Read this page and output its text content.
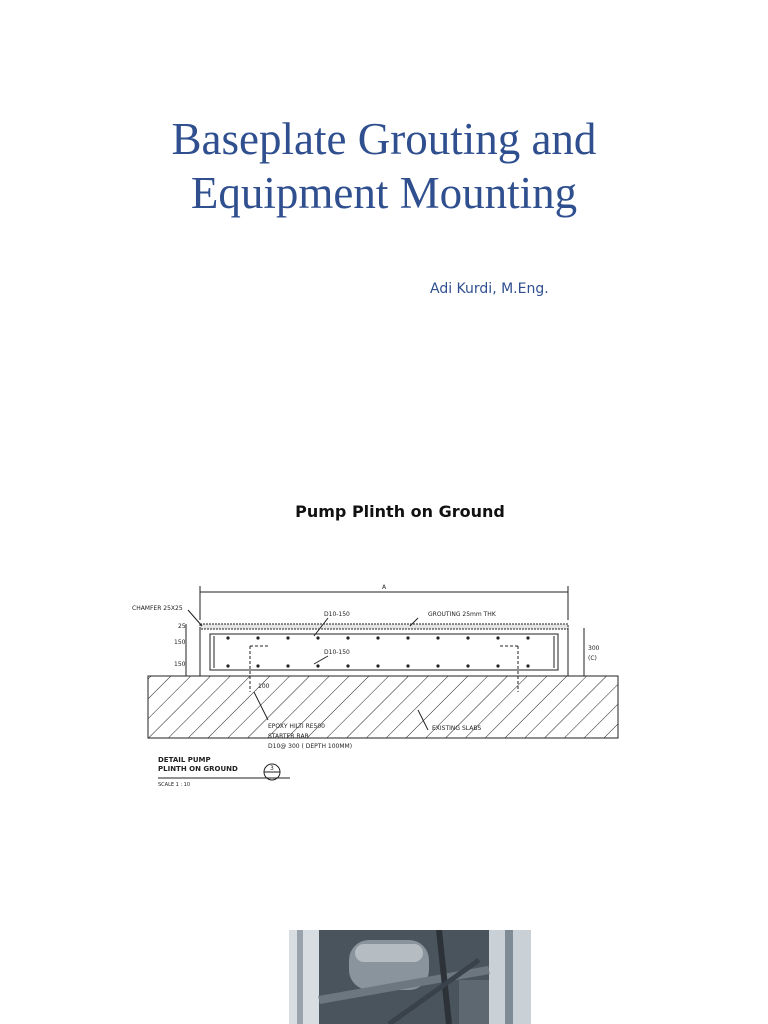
Baseplate Grouting and
Equipment Mounting
Adi Kurdi, M.Eng.
Pump Plinth on Ground
A
CHAMFER 25X25
D10-150	GROUTING 25mm THK
D10-150
25
150
150
300
(C)
100
EPOXY HILTI RE500
STARTER BAR
D10@ 300 ( DEPTH 100MM)
EXISTING SLABS
DETAIL PUMP
PLINTH ON GROUND
SCALE 1 : 10
3
